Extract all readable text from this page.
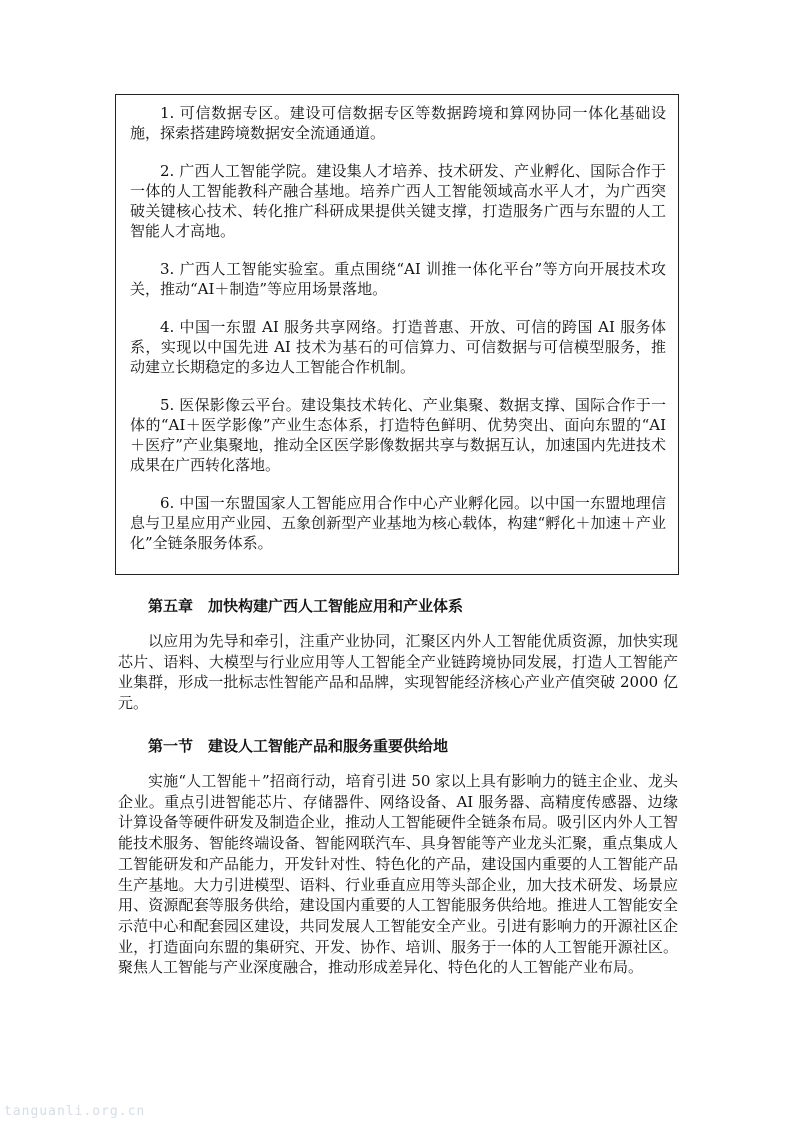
1. 可信数据专区。建设可信数据专区等数据跨境和算网协同一体化基础设施，探索搭建跨境数据安全流通通道。

2. 广西人工智能学院。建设集人才培养、技术研发、产业孵化、国际合作于一体的人工智能教科产融合基地。培养广西人工智能领域高水平人才，为广西突破关键核心技术、转化推广科研成果提供关键支撑，打造服务广西与东盟的人工智能人才高地。

3. 广西人工智能实验室。重点围绕“AI 训推一体化平台”等方向开展技术攻关，推动“AI＋制造”等应用场景落地。

4. 中国一东盟 AI 服务共享网络。打造普惠、开放、可信的跨国 AI 服务体系，实现以中国先进 AI 技术为基石的可信算力、可信数据与可信模型服务，推动建立长期稳定的多边人工智能合作机制。

5. 医保影像云平台。建设集技术转化、产业集聚、数据支撑、国际合作于一体的“AI＋医学影像”产业生态体系，打造特色鲜明、优势突出、面向东盟的“AI＋医疗”产业集聚地，推动全区医学影像数据共享与数据互认，加速国内先进技术成果在广西转化落地。

6. 中国一东盟国家人工智能应用合作中心产业孵化园。以中国一东盟地理信息与卫星应用产业园、五象创新型产业基地为核心载体，构建“孵化＋加速＋产业化”全链条服务体系。

第五章　加快构建广西人工智能应用和产业体系

以应用为先导和牵引，注重产业协同，汇聚区内外人工智能优质资源，加快实现芯片、语料、大模型与行业应用等人工智能全产业链跨境协同发展，打造人工智能产业集群，形成一批标志性智能产品和品牌，实现智能经济核心产业产值突破 2000 亿元。

第一节　建设人工智能产品和服务重要供给地

实施“人工智能＋”招商行动，培育引进 50 家以上具有影响力的链主企业、龙头企业。重点引进智能芯片、存储器件、网络设备、AI 服务器、高精度传感器、边缘计算设备等硬件研发及制造企业，推动人工智能硬件全链条布局。吸引区内外人工智能技术服务、智能终端设备、智能网联汽车、具身智能等产业龙头汇聚，重点集成人工智能研发和产品能力，开发针对性、特色化的产品，建设国内重要的人工智能产品生产基地。大力引进模型、语料、行业垂直应用等头部企业，加大技术研发、场景应用、资源配套等服务供给，建设国内重要的人工智能服务供给地。推进人工智能安全示范中心和配套园区建设，共同发展人工智能安全产业。引进有影响力的开源社区企业，打造面向东盟的集研究、开发、协作、培训、服务于一体的人工智能开源社区。聚焦人工智能与产业深度融合，推动形成差异化、特色化的人工智能产业布局。

tanguanli.org.cn
